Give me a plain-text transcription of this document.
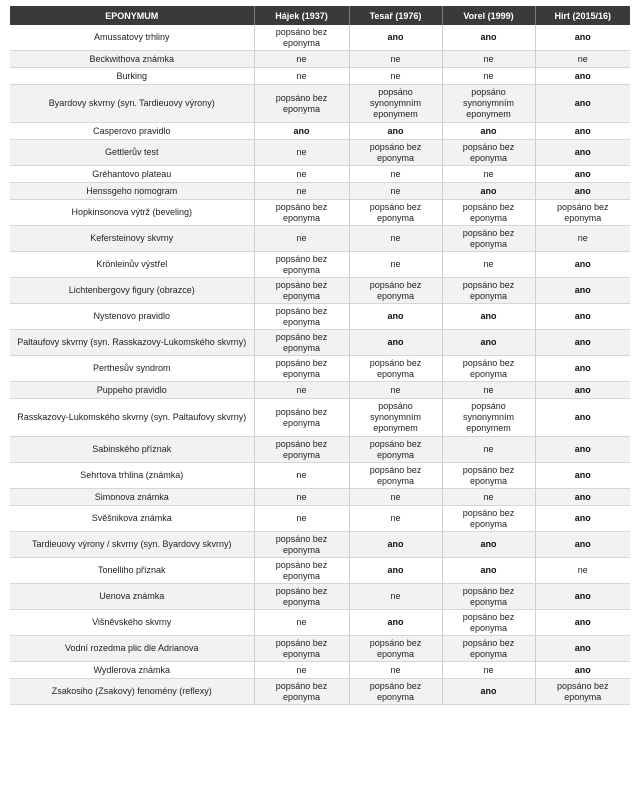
EPONYMUM	Hájek (1937)	Tesař (1976)	Vorel (1999)	Hirt (2015/16)
Amussatovy trhliny	popsáno bez eponyma	ano	ano	ano
Beckwithova známka	ne	ne	ne	ne
Burking	ne	ne	ne	ano
Byardovy skvrny (syn. Tardieuovy výrony)	popsáno bez eponyma	popsáno synonymním eponymem	popsáno synonymním eponymem	ano
Casperovo pravidlo	ano	ano	ano	ano
Gettlerův test	ne	popsáno bez eponyma	popsáno bez eponyma	ano
Gréhantovo plateau	ne	ne	ne	ano
Henssgeho nomogram	ne	ne	ano	ano
Hopkinsonova výtrž (beveling)	popsáno bez eponyma	popsáno bez eponyma	popsáno bez eponyma	popsáno bez eponyma
Kefersteinovy skvrny	ne	ne	popsáno bez eponyma	ne
Krönleinův výstřel	popsáno bez eponyma	ne	ne	ano
Lichtenbergovy figury (obrazce)	popsáno bez eponyma	popsáno bez eponyma	popsáno bez eponyma	ano
Nystenovo pravidlo	popsáno bez eponyma	ano	ano	ano
Paltaufovy skvrny (syn. Rasskazovy-Lukomského skvrny)	popsáno bez eponyma	ano	ano	ano
Perthesův syndrom	popsáno bez eponyma	popsáno bez eponyma	popsáno bez eponyma	ano
Puppeho pravidlo	ne	ne	ne	ano
Rasskazovy-Lukomského skvrny (syn. Paltaufovy skvrny)	popsáno bez eponyma	popsáno synonymním eponymem	popsáno synonymním eponymem	ano
Sabinského příznak	popsáno bez eponyma	popsáno bez eponyma	ne	ano
Sehrtova trhlina (známka)	ne	popsáno bez eponyma	popsáno bez eponyma	ano
Simonova známka	ne	ne	ne	ano
Svěšnikova známka	ne	ne	popsáno bez eponyma	ano
Tardieuovy výrony / skvrny (syn. Byardovy skvrny)	popsáno bez eponyma	ano	ano	ano
Tonelliho příznak	popsáno bez eponyma	ano	ano	ne
Uenova známka	popsáno bez eponyma	ne	popsáno bez eponyma	ano
Višněvského skvrny	ne	ano	popsáno bez eponyma	ano
Vodní rozedma plic dle Adrianova	popsáno bez eponyma	popsáno bez eponyma	popsáno bez eponyma	ano
Wydlerova známka	ne	ne	ne	ano
Zsakosiho (Zsakovy) fenomény (reflexy)	popsáno bez eponyma	popsáno bez eponyma	ano	popsáno bez eponyma
